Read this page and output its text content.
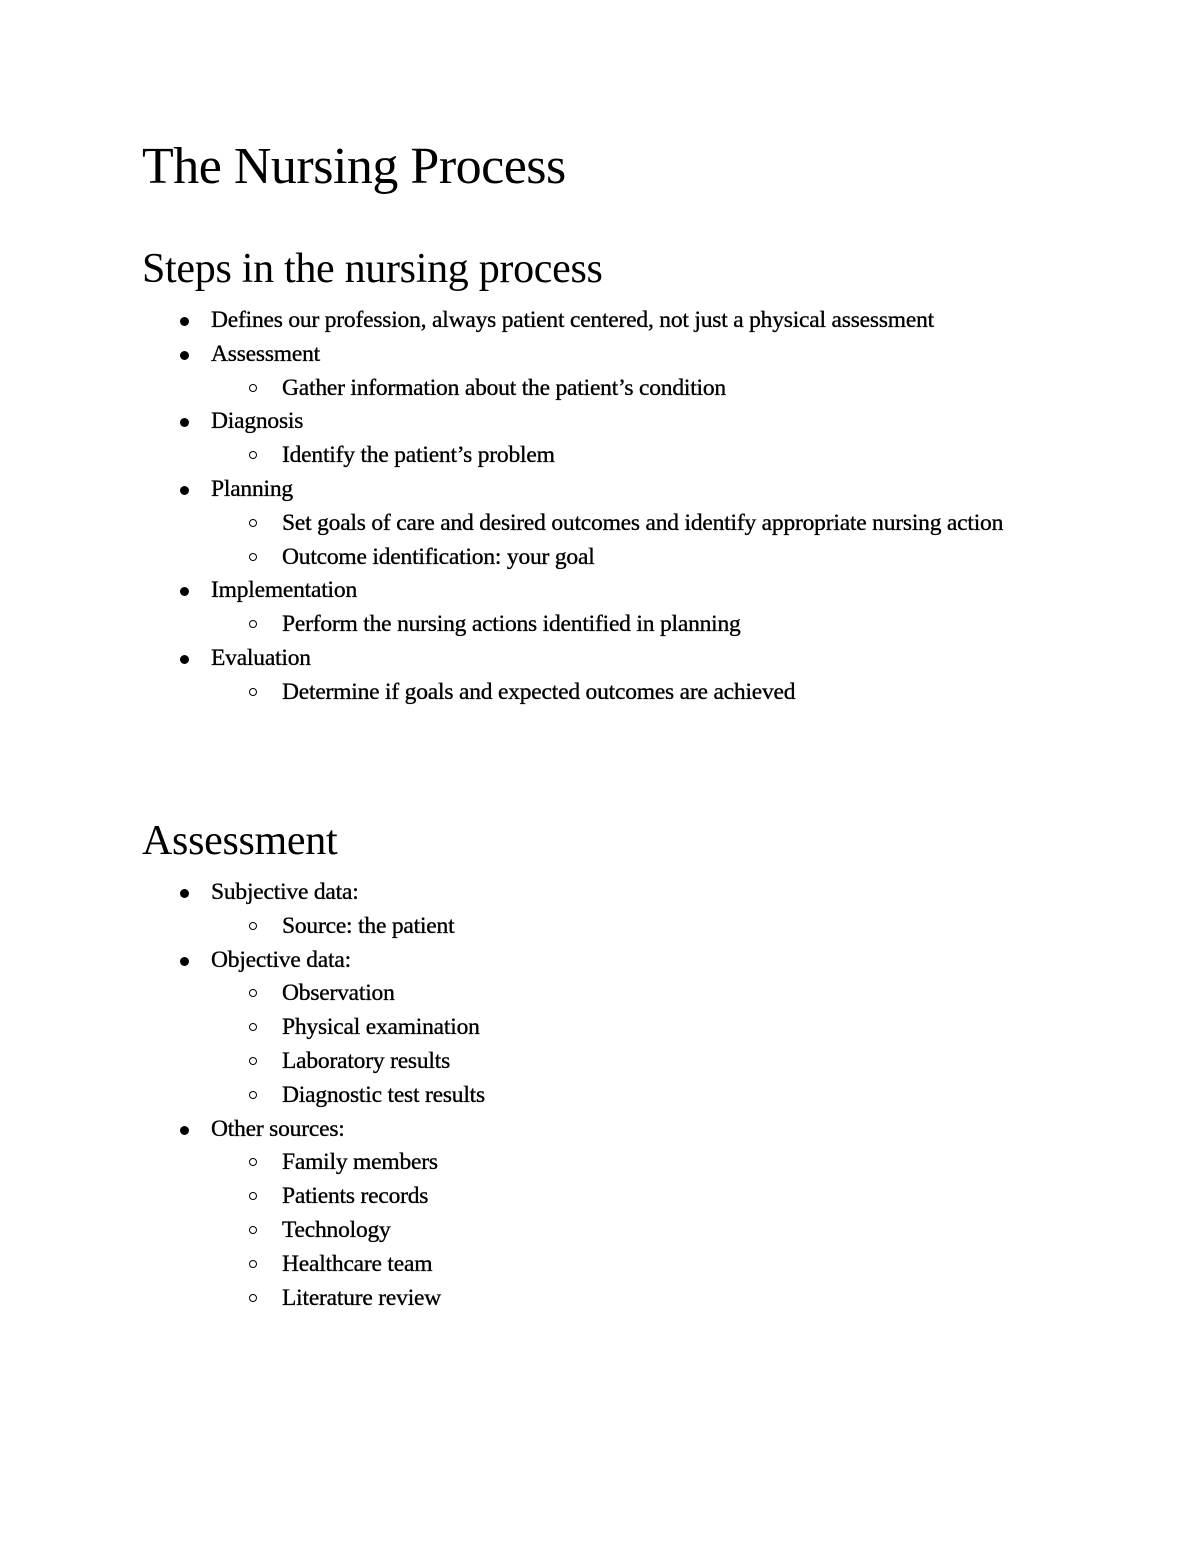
The Nursing Process
Steps in the nursing process
Defines our profession, always patient centered, not just a physical assessment
Assessment
Gather information about the patient’s condition
Diagnosis
Identify the patient’s problem
Planning
Set goals of care and desired outcomes and identify appropriate nursing action
Outcome identification: your goal
Implementation
Perform the nursing actions identified in planning
Evaluation
Determine if goals and expected outcomes are achieved
Assessment
Subjective data:
Source: the patient
Objective data:
Observation
Physical examination
Laboratory results
Diagnostic test results
Other sources:
Family members
Patients records
Technology
Healthcare team
Literature review
